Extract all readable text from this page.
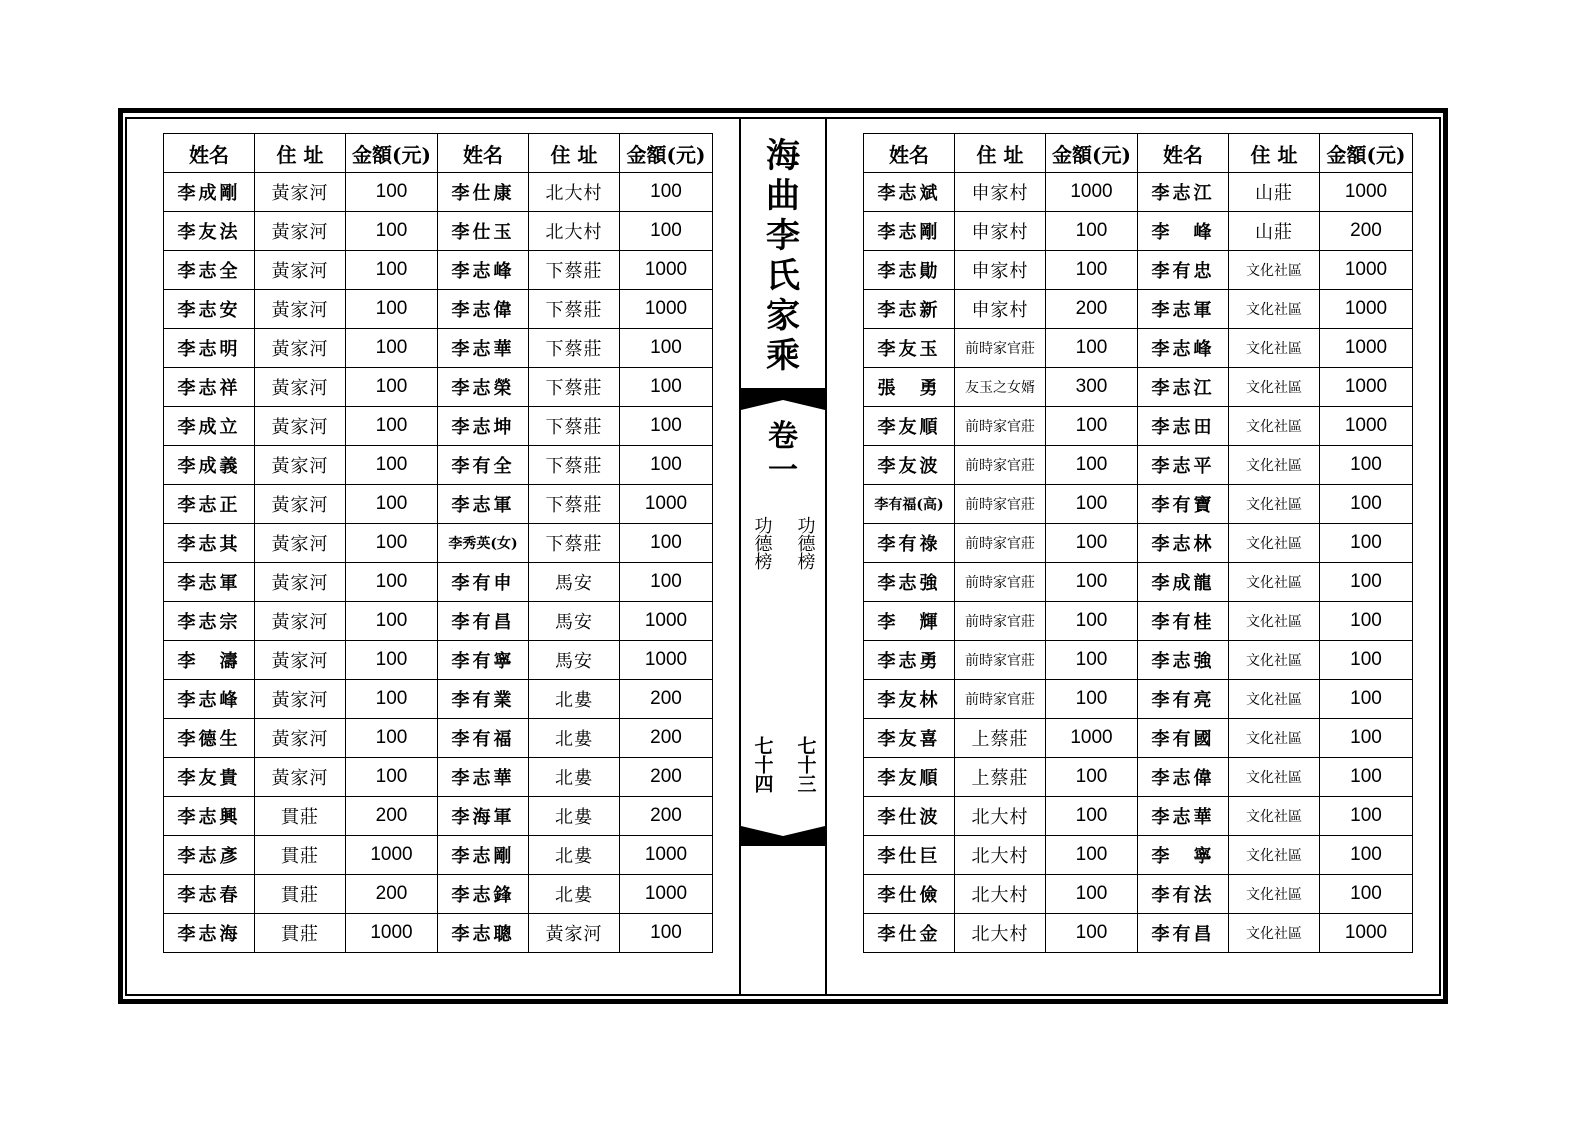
海
曲
李
氏
家
乘
卷
一
功德榜
功德榜
七十三
七十四
姓名	住 址	金額(元)	姓名	住 址	金額(元)
李成剛	黃家河	100	李仕康	北大村	100
李友法	黃家河	100	李仕玉	北大村	100
李志全	黃家河	100	李志峰	下蔡莊	1000
李志安	黃家河	100	李志偉	下蔡莊	1000
李志明	黃家河	100	李志華	下蔡莊	100
李志祥	黃家河	100	李志榮	下蔡莊	100
李成立	黃家河	100	李志坤	下蔡莊	100
李成義	黃家河	100	李有全	下蔡莊	100
李志正	黃家河	100	李志軍	下蔡莊	1000
李志其	黃家河	100	李秀英(女)	下蔡莊	100
李志軍	黃家河	100	李有申	馬安	100
李志宗	黃家河	100	李有昌	馬安	1000
李　濤	黃家河	100	李有寧	馬安	1000
李志峰	黃家河	100	李有業	北婁	200
李德生	黃家河	100	李有福	北婁	200
李友貴	黃家河	100	李志華	北婁	200
李志興	貫莊	200	李海軍	北婁	200
李志彥	貫莊	1000	李志剛	北婁	1000
李志春	貫莊	200	李志鋒	北婁	1000
李志海	貫莊	1000	李志聰	黃家河	100
姓名	住 址	金額(元)	姓名	住 址	金額(元)
李志斌	申家村	1000	李志江	山莊	1000
李志剛	申家村	100	李　峰	山莊	200
李志勛	申家村	100	李有忠	文化社區	1000
李志新	申家村	200	李志軍	文化社區	1000
李友玉	前時家官莊	100	李志峰	文化社區	1000
張　勇	友玉之女婿	300	李志江	文化社區	1000
李友順	前時家官莊	100	李志田	文化社區	1000
李友波	前時家官莊	100	李志平	文化社區	100
李有福(高)	前時家官莊	100	李有寶	文化社區	100
李有祿	前時家官莊	100	李志林	文化社區	100
李志強	前時家官莊	100	李成龍	文化社區	100
李　輝	前時家官莊	100	李有桂	文化社區	100
李志勇	前時家官莊	100	李志強	文化社區	100
李友林	前時家官莊	100	李有亮	文化社區	100
李友喜	上蔡莊	1000	李有國	文化社區	100
李友順	上蔡莊	100	李志偉	文化社區	100
李仕波	北大村	100	李志華	文化社區	100
李仕巨	北大村	100	李　寧	文化社區	100
李仕儉	北大村	100	李有法	文化社區	100
李仕金	北大村	100	李有昌	文化社區	1000
